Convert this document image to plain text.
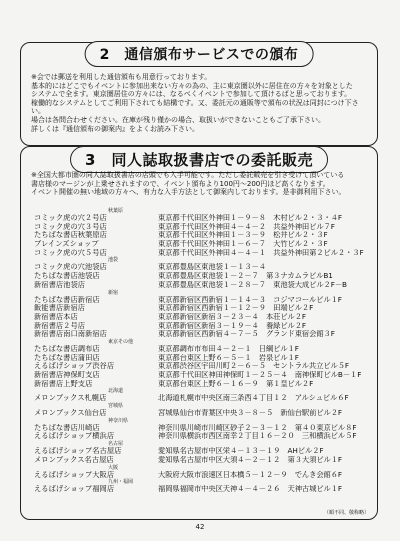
2　通信頒布サービスでの頒布
※会では郵送を利用した通信頒布も用意行っております。
基本的にはどこでもイベントに参加出来ない方々の為の、主に東京圏以外に居住在の方々を対象とした
システムで全ます。東京圏居住の方々には、なるべくイベントで参加して頂けるばと思っております。
稼働的なシステムとしてご利用下されても結構です。又、委託元の通販等で頒布の状況は同封につけ下さい。
場合は各問合わせください。在庫が残り僅かの場合、取扱いができないこともご了承下さい。
詳しくは『通信頒布の御案内』をよくお読み下さい。
3　同人誌取扱書店での委託販売
※全国大都市圏の同人誌取扱書店の店頭でも入手可能です。ただし委託販売を引き受けて頂いている
書店様のマージンが上乗せされますので、イベント頒布より100円～200円ほど高くなります。
イベント開催の無い地域の方々へ、有力な入手方法として御案内しております。是非御利用下さい。
秋葉原
コミック虎の穴２号店	東京都千代田区外神田１－９－８　木村ビル２・３・４F
コミック虎の穴３号店	東京都千代田区外神田４－４－２　共益外神田ビル７F
たちばな書店秋葉原店	東京都千代田区外神田１－３－９　松井ビル２・３F
ブレインズショップ	東京都千代田区外神田１－６－７　大竹ビル２・３F
コミック虎の穴５号店	東京都千代田区外神田４－４－１　共益外神田第２ビル２・３F
池袋
コミック虎の穴池袋店	東京都豊島区東池袋１－１３－４
たちばな書店池袋店	東京都豊島区東池袋１－２－７　第３ナカムラビルB1
新宿書店池袋店	東京都豊島区東池袋１－２８－７　東池袋大成ビル２F－B
新宿
たちばな書店新宿店	東京都新宿区西新宿１－１４－３　コジマコールビル１F
飯能書店新宿店	東京都新宿区西新宿１－１２－９　田端ビル２F
新宿書店本店	東京都新宿区新宿３－２３－４　本荘ビル２F
新宿書店２号店	東京都新宿区新宿３－１９－４　養緑ビル２F
新宿書店南口南新宿店	東京都新宿区西新宿４－７－５　グランド東宿会館３F
東京その他
たちばな書店調布店	東京都調布市布田４－２－１　日綱ビル１F
たちばな書店蒲田店	東京都台東区上野６－５－１　岩泉ビル１F
えるばげショップ渋谷店	東京都渋谷区宇田川町２－６－５　セントラル共立ビル５F
新宿書店神保町支店	東京都千代田区神田神保町１－２５－４　南神保町ビルB－１F
新宿書店上野支店	東京都台東区上野６－１６－９　第１皇ビル２F
北海道
メロンブックス札幌店	北海道札幌市中央区南三条西４丁目１２　アルシュビル６F
宮城県
メロンブックス仙台店	宮城県仙台市青葉区中央３－８－５　新仙台駅前ビル２F
神奈川県
たちばな書店川崎店	神奈川県川崎市川崎区砂子２－３－１２　第４０東京ビル８F
えるばげショップ横浜店	神奈川県横浜市西区南幸２丁目１６－２０　三和横浜ビル５F
名古屋
えるばげショップ名古屋店	愛知県名古屋市中区栄４－１３－１９　AHビル２F
メロンブックス名古屋店	愛知県名古屋市中区大須４－２－１２　第３大須ビル１F
大阪
えるばげショップ大阪店	大阪府大阪市浪速区日本橋５－１２－９　でんき会館６F
九州・福岡
えるばげショップ福岡店	福岡県福岡市中央区天神４－４－２６　天神古城ビル１F
（順不同、敬称略）
42
